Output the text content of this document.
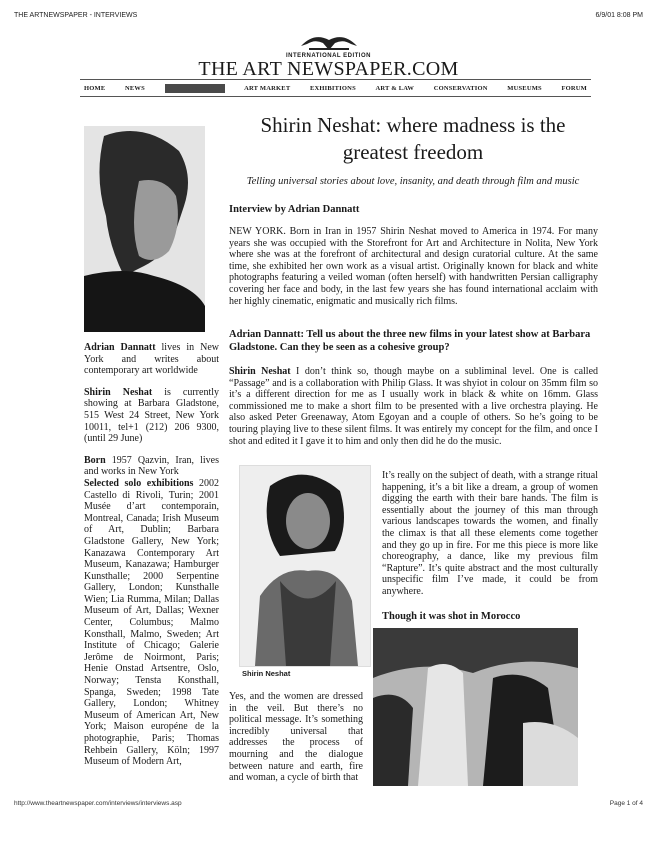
THE ARTNEWSPAPER - INTERVIEWS	6/9/01 8:08 PM
INTERNATIONAL EDITION
THE ART NEWSPAPER.COM
HOME	NEWS	INTERVIEWS	ART MARKET	EXHIBITIONS	ART & LAW	CONSERVATION	MUSEUMS	FORUM

Adrian Dannatt lives in New York and writes about contemporary art worldwide

Shirin Neshat is currently showing at Barbara Gladstone, 515 West 24 Street, New York 10011, tel+1 (212) 206 9300, (until 29 June)

Born 1957 Qazvin, Iran, lives and works in New York

Selected solo exhibitions 2002 Castello di Rivoli, Turin; 2001 Musée d’art contemporain, Montreal, Canada; Irish Museum of Art, Dublin; Barbara Gladstone Gallery, New York; Kanazawa Contemporary Art Museum, Kanazawa; Hamburger Kunsthalle; 2000 Serpentine Gallery, London; Kunsthalle Wien; Lia Rumma, Milan; Dallas Museum of Art, Dallas; Wexner Center, Columbus; Malmo Konsthall, Malmo, Sweden; Art Institute of Chicago; Galerie Jerôme de Noirmont, Paris; Henie Onstad Artsentre, Oslo, Norway; Tensta Konsthall, Spanga, Sweden; 1998 Tate Gallery, London; Whitney Museum of American Art, New York; Maison européne de la photographie, Paris; Thomas Rehbein Gallery, Köln; 1997 Museum of Modern Art,

Shirin Neshat: where madness is the greatest freedom
Telling universal stories about love, insanity, and death through film and music
Interview by Adrian Dannatt
NEW YORK. Born in Iran in 1957 Shirin Neshat moved to America in 1974. For many years she was occupied with the Storefront for Art and Architecture in Nolita, New York where she was at the forefront of architectural and design curatorial culture. At the same time, she exhibited her own work as a visual artist. Originally known for black and white photographs featuring a veiled woman (often herself) with handwritten Persian calligraphy covering her face and body, in the last few years she has found international acclaim with her highly cinematic, enigmatic and musically rich films.
Adrian Dannatt: Tell us about the three new films in your latest show at Barbara Gladstone. Can they be seen as a cohesive group?
Shirin Neshat I don’t think so, though maybe on a subliminal level. One is called “Passage” and is a collaboration with Philip Glass. It was shyiot in colour on 35mm film so it’s a different direction for me as I usually work in black & white on 16mm. Glass commissioned me to make a short film to be presented with a live orchestra playing. He also asked Peter Greenaway, Atom Egoyan and a couple of others. So he’s going to be touring playing live to these silent films. It was entirely my concept for the film, and once I shot and edited it I gave it to him and only then did he do the music.
Shirin Neshat
It’s really on the subject of death, with a strange ritual happening, it’s a bit like a dream, a group of women digging the earth with their bare hands. The film is essentially about the journey of this man through various landscapes towards the women, and finally the climax is that all these elements come together and they go up in fire. For me this piece is more like choreography, a dance, like my previous film “Rapture”. It’s quite abstract and the most culturally unspecific film I’ve made, it could be from anywhere.
Though it was shot in Morocco
Yes, and the women are dressed in the veil. But there’s no political message. It’s something incredibly universal that addresses the process of mourning and the dialogue between nature and earth, fire and woman, a cycle of birth that
http://www.theartnewspaper.com/interviews/interviews.asp	Page 1 of 4
